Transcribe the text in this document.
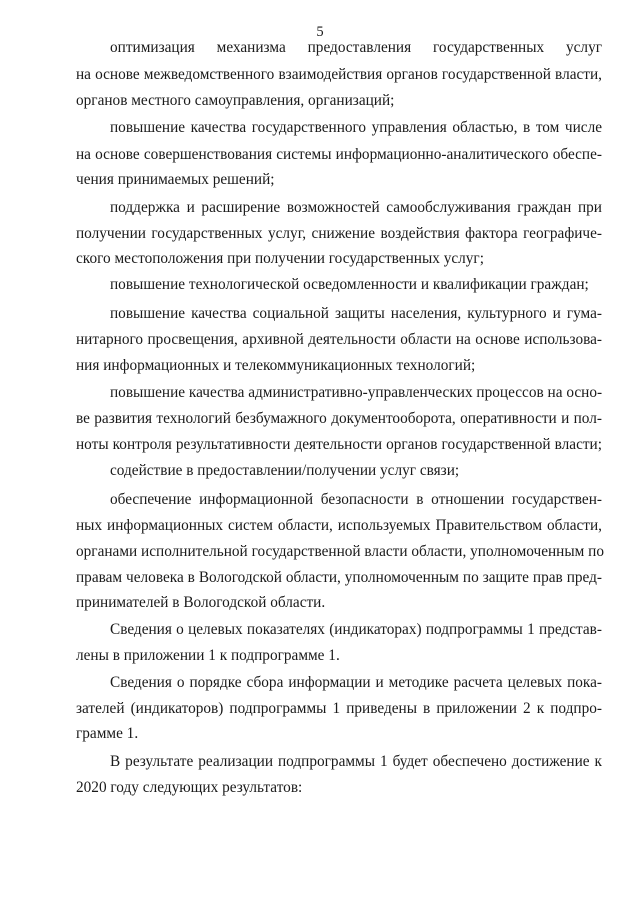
5
оптимизация механизма предоставления государственных услуг
на основе межведомственного взаимодействия органов государственной власти,
органов местного самоуправления, организаций;
повышение качества государственного управления областью, в том числе
на основе совершенствования системы информационно-аналитического обеспе-
чения принимаемых решений;
поддержка и расширение возможностей самообслуживания граждан при
получении государственных услуг, снижение воздействия фактора географиче-
ского местоположения при получении государственных услуг;
повышение технологической осведомленности и квалификации граждан;
повышение качества социальной защиты населения, культурного и гума-
нитарного просвещения, архивной деятельности области на основе использова-
ния информационных и телекоммуникационных технологий;
повышение качества административно-управленческих процессов на осно-
ве развития технологий безбумажного документооборота, оперативности и пол-
ноты контроля результативности деятельности органов государственной власти;
содействие в предоставлении/получении услуг связи;
обеспечение информационной безопасности в отношении государствен-
ных информационных систем области, используемых Правительством области,
органами исполнительной государственной власти области, уполномоченным по
правам человека в Вологодской области, уполномоченным по защите прав пред-
принимателей в Вологодской области.
Сведения о целевых показателях (индикаторах) подпрограммы 1 представ-
лены в приложении 1 к подпрограмме 1.
Сведения о порядке сбора информации и методике расчета целевых пока-
зателей (индикаторов) подпрограммы 1 приведены в приложении 2 к подпро-
грамме 1.
В результате реализации подпрограммы 1 будет обеспечено достижение к
2020 году следующих результатов:
